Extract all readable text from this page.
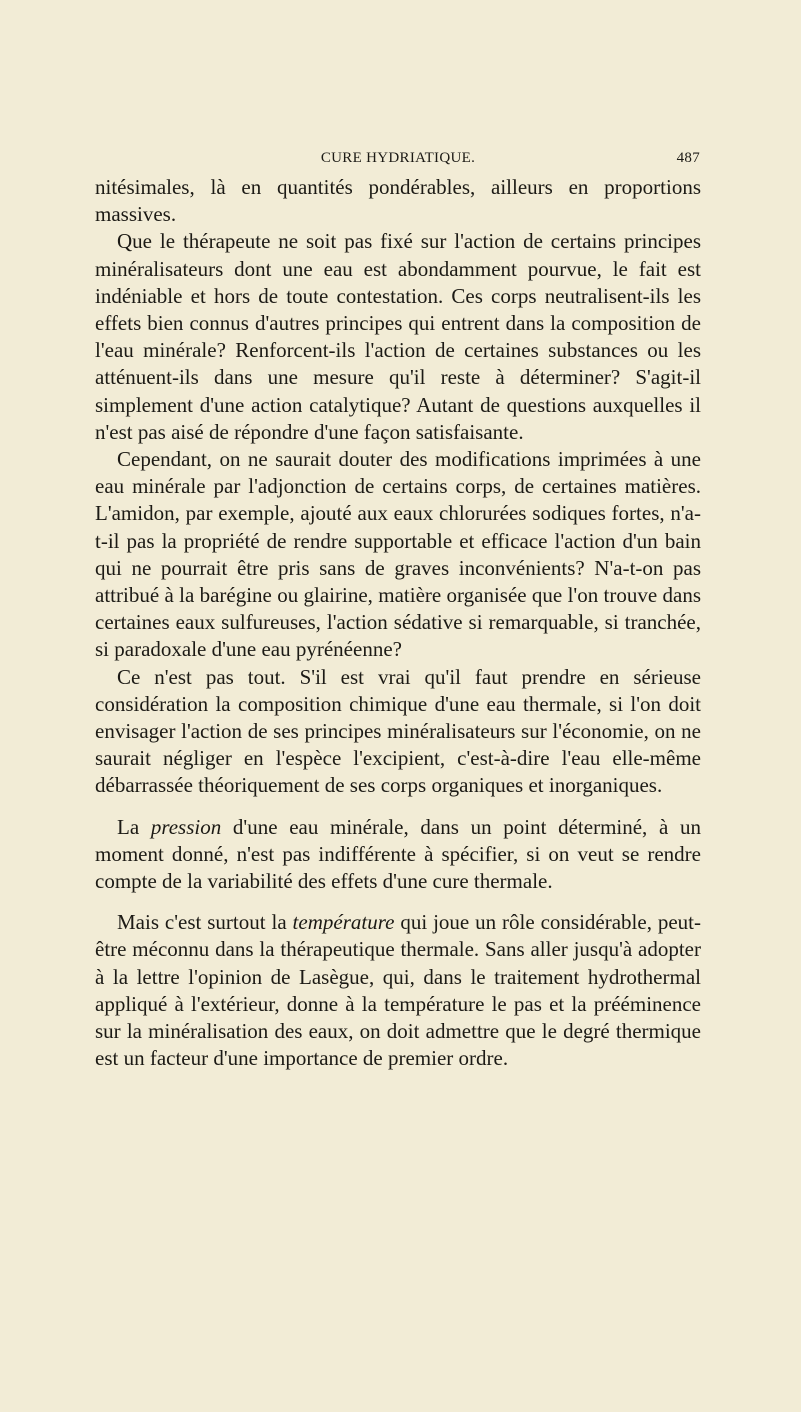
CURE HYDRIATIQUE.	487

nitésimales, là en quantités pondérables, ailleurs en proportions massives.

Que le thérapeute ne soit pas fixé sur l'action de certains principes minéralisateurs dont une eau est abondamment pourvue, le fait est indéniable et hors de toute contestation. Ces corps neutralisent-ils les effets bien connus d'autres principes qui entrent dans la composition de l'eau minérale? Renforcent-ils l'action de certaines substances ou les atténuent-ils dans une mesure qu'il reste à déterminer? S'agit-il simplement d'une action catalytique? Autant de questions auxquelles il n'est pas aisé de répondre d'une façon satisfaisante.

Cependant, on ne saurait douter des modifications imprimées à une eau minérale par l'adjonction de certains corps, de certaines matières. L'amidon, par exemple, ajouté aux eaux chlorurées sodiques fortes, n'a-t-il pas la propriété de rendre supportable et efficace l'action d'un bain qui ne pourrait être pris sans de graves inconvénients? N'a-t-on pas attribué à la barégine ou glairine, matière organisée que l'on trouve dans certaines eaux sulfureuses, l'action sédative si remarquable, si tranchée, si paradoxale d'une eau pyrénéenne?

Ce n'est pas tout. S'il est vrai qu'il faut prendre en sérieuse considération la composition chimique d'une eau thermale, si l'on doit envisager l'action de ses principes minéralisateurs sur l'économie, on ne saurait négliger en l'espèce l'excipient, c'est-à-dire l'eau elle-même débarrassée théoriquement de ses corps organiques et inorganiques.

La pression d'une eau minérale, dans un point déterminé, à un moment donné, n'est pas indifférente à spécifier, si on veut se rendre compte de la variabilité des effets d'une cure thermale.

Mais c'est surtout la température qui joue un rôle considérable, peut-être méconnu dans la thérapeutique thermale. Sans aller jusqu'à adopter à la lettre l'opinion de Lasègue, qui, dans le traitement hydrothermal appliqué à l'extérieur, donne à la température le pas et la prééminence sur la minéralisation des eaux, on doit admettre que le degré thermique est un facteur d'une importance de premier ordre.
